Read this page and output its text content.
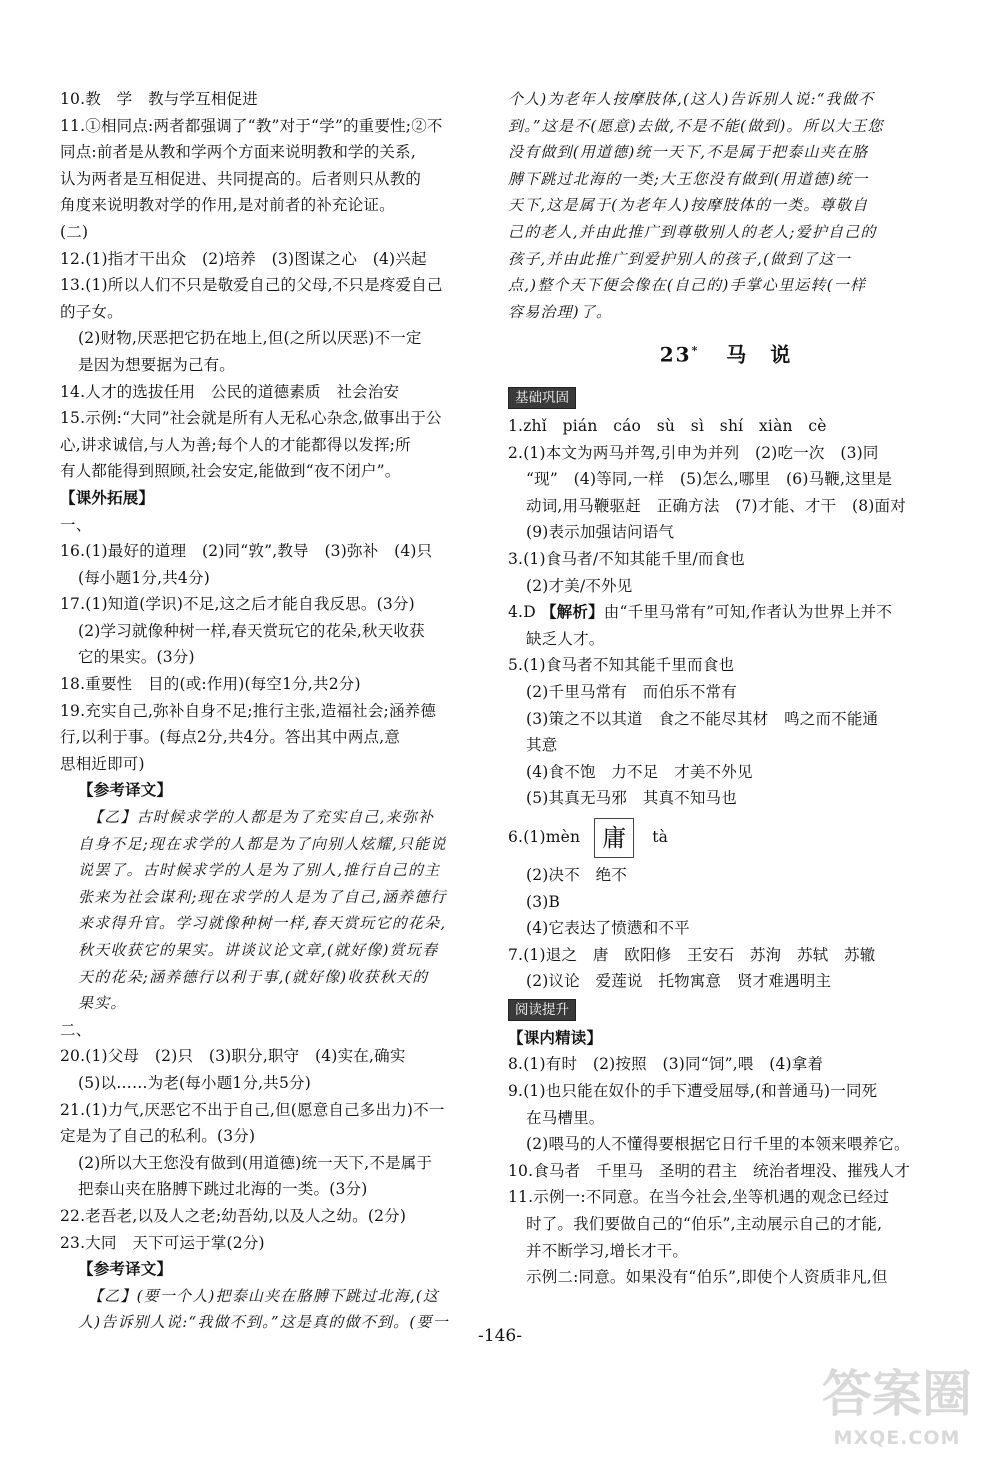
10.教　学　教与学互相促进
11.①相同点:两者都强调了“教”对于“学”的重要性;②不
同点:前者是从教和学两个方面来说明教和学的关系,
认为两者是互相促进、共同提高的。后者则只从教的
角度来说明教对学的作用,是对前者的补充论证。
(二)
12.(1)指才干出众　(2)培养　(3)图谋之心　(4)兴起
13.(1)所以人们不只是敬爱自己的父母,不只是疼爱自己
的子女。
(2)财物,厌恶把它扔在地上,但(之所以厌恶)不一定
是因为想要据为己有。
14.人才的选拔任用　公民的道德素质　社会治安
15.示例:“大同”社会就是所有人无私心杂念,做事出于公
心,讲求诚信,与人为善;每个人的才能都得以发挥;所
有人都能得到照顾,社会安定,能做到“夜不闭户”。
【课外拓展】
一、
16.(1)最好的道理　(2)同“敦”,教导　(3)弥补　(4)只
(每小题1分,共4分)
17.(1)知道(学识)不足,这之后才能自我反思。(3分)
(2)学习就像种树一样,春天赏玩它的花朵,秋天收获
它的果实。(3分)
18.重要性　目的(或:作用)(每空1分,共2分)
19.充实自己,弥补自身不足;推行主张,造福社会;涵养德
行,以利于事。(每点2分,共4分。答出其中两点,意
思相近即可)
【参考译文】
【乙】古时候求学的人都是为了充实自己,来弥补
自身不足;现在求学的人都是为了向别人炫耀,只能说
说罢了。古时候求学的人是为了别人,推行自己的主
张来为社会谋利;现在求学的人是为了自己,涵养德行
来求得升官。学习就像种树一样,春天赏玩它的花朵,
秋天收获它的果实。讲谈议论文章,(就好像)赏玩春
天的花朵;涵养德行以利于事,(就好像)收获秋天的
果实。
二、
20.(1)父母　(2)只　(3)职分,职守　(4)实在,确实
(5)以……为老(每小题1分,共5分)
21.(1)力气,厌恶它不出于自己,但(愿意自己多出力)不一
定是为了自己的私利。(3分)
(2)所以大王您没有做到(用道德)统一天下,不是属于
把泰山夹在胳膊下跳过北海的一类。(3分)
22.老吾老,以及人之老;幼吾幼,以及人之幼。(2分)
23.大同　天下可运于掌(2分)
【参考译文】
【乙】(要一个人)把泰山夹在胳膊下跳过北海,(这
人)告诉别人说:“我做不到。”这是真的做不到。(要一
个人)为老年人按摩肢体,(这人)告诉别人说:“我做不
到。”这是不(愿意)去做,不是不能(做到)。所以大王您
没有做到(用道德)统一天下,不是属于把泰山夹在胳
膊下跳过北海的一类;大王您没有做到(用道德)统一
天下,这是属于(为老年人)按摩肢体的一类。尊敬自
己的老人,并由此推广到尊敬别人的老人;爱护自己的
孩子,并由此推广到爱护别人的孩子,(做到了这一
点,)整个天下便会像在(自己的)手掌心里运转(一样
容易治理)了。
23* 马　说
基础巩固
1.zhǐ　pián　cáo　sù　sì　shí　xiàn　cè
2.(1)本文为两马并驾,引申为并列　(2)吃一次　(3)同
“现”　(4)等同,一样　(5)怎么,哪里　(6)马鞭,这里是
动词,用马鞭驱赶　正确方法　(7)才能、才干　(8)面对
(9)表示加强诘问语气
3.(1)食马者/不知其能千里/而食也
(2)才美/不外见
4.D 【解析】由“千里马常有”可知,作者认为世界上并不
缺乏人才。
5.(1)食马者不知其能千里而食也
(2)千里马常有　而伯乐不常有
(3)策之不以其道　食之不能尽其材　鸣之而不能通
其意
(4)食不饱　力不足　才美不外见
(5)其真无马邪　其真不知马也
6.(1)mèn 庸 tà
(2)决不　绝不
(3)B
(4)它表达了愤懑和不平
7.(1)退之　唐　欧阳修　王安石　苏洵　苏轼　苏辙
(2)议论　爱莲说　托物寓意　贤才难遇明主
阅读提升
【课内精读】
8.(1)有时　(2)按照　(3)同“饲”,喂　(4)拿着
9.(1)也只能在奴仆的手下遭受屈辱,(和普通马)一同死
在马槽里。
(2)喂马的人不懂得要根据它日行千里的本领来喂养它。
10.食马者　千里马　圣明的君主　统治者埋没、摧残人才
11.示例一:不同意。在当今社会,坐等机遇的观念已经过
时了。我们要做自己的“伯乐”,主动展示自己的才能,
并不断学习,增长才干。
示例二:同意。如果没有“伯乐”,即使个人资质非凡,但
-146-
答案圈
MXQE.COM
